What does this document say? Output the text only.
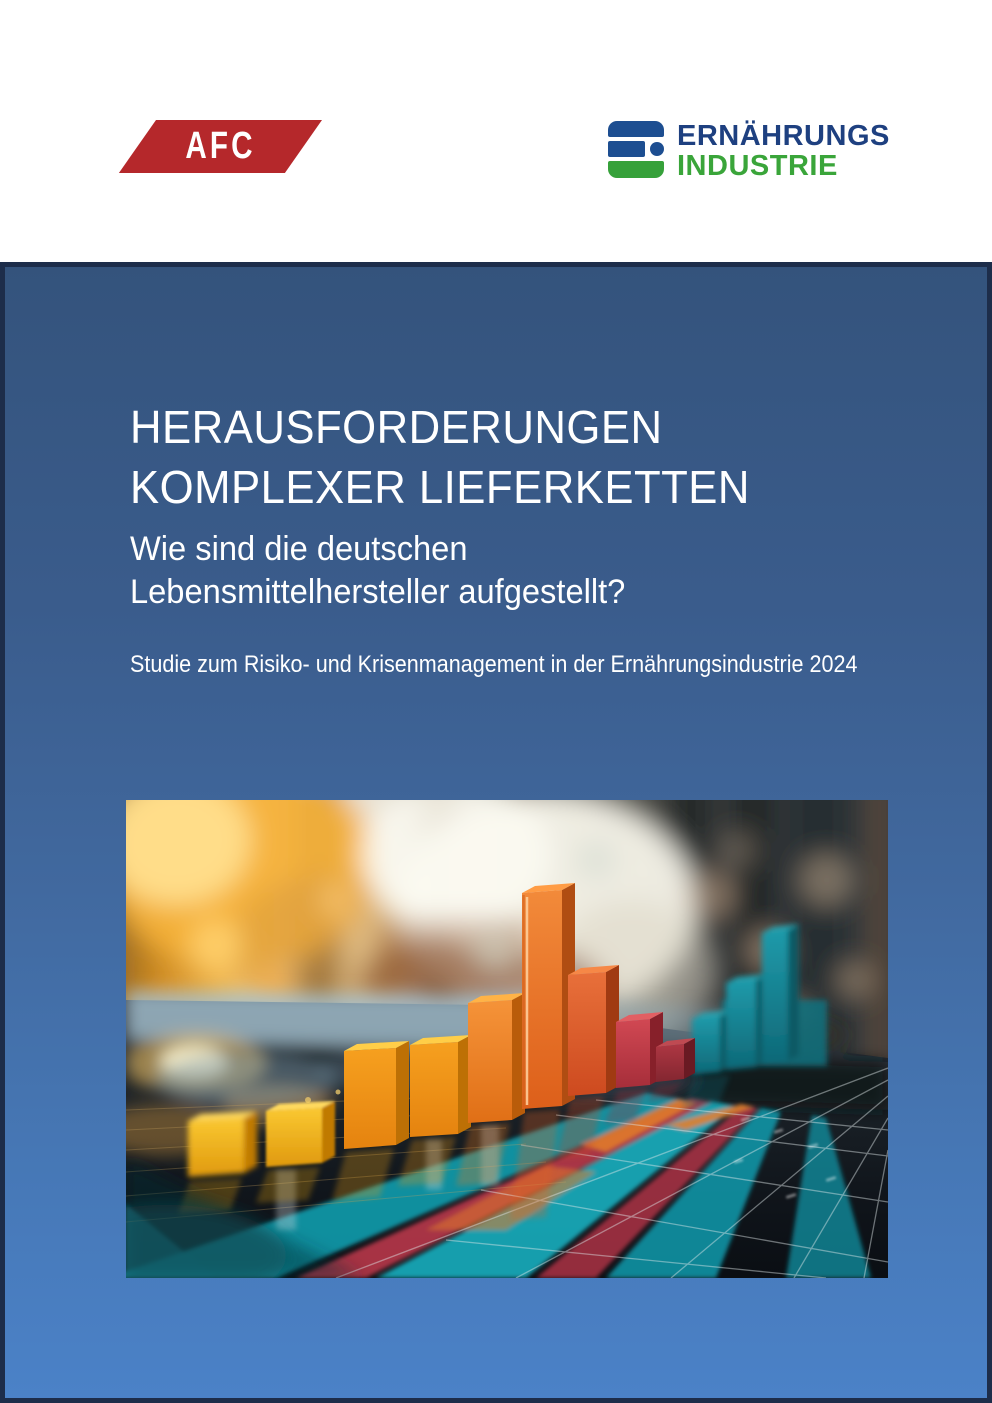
AFC	ERNÄHRUNGS
INDUSTRIE
HERAUSFORDERUNGEN
KOMPLEXER LIEFERKETTEN
Wie sind die deutschen
Lebensmittelhersteller aufgestellt?

Studie zum Risiko- und Krisenmanagement in der Ernährungsindustrie 2024
